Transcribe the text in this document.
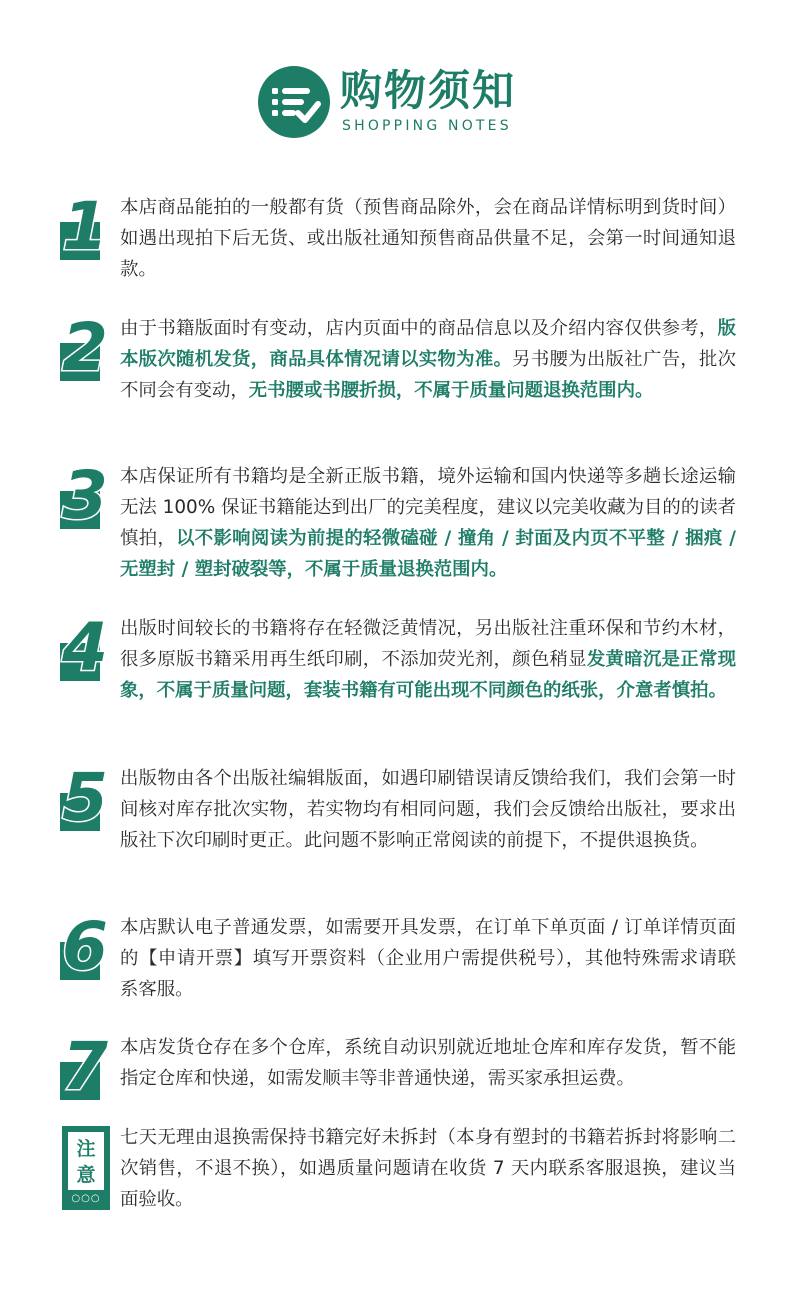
购物须知
SHOPPING NOTES
1 本店商品能拍的一般都有货（预售商品除外，会在商品详情标明到货时间）如遇出现拍下后无货、或出版社通知预售商品供量不足，会第一时间通知退款。
2 由于书籍版面时有变动，店内页面中的商品信息以及介绍内容仅供参考，版本版次随机发货，商品具体情况请以实物为准。另书腰为出版社广告，批次不同会有变动，无书腰或书腰折损，不属于质量问题退换范围内。
3 本店保证所有书籍均是全新正版书籍，境外运输和国内快递等多趟长途运输无法 100% 保证书籍能达到出厂的完美程度，建议以完美收藏为目的的读者慎拍，以不影响阅读为前提的轻微磕碰 / 撞角 / 封面及内页不平整 / 捆痕 / 无塑封 / 塑封破裂等，不属于质量退换范围内。
4 出版时间较长的书籍将存在轻微泛黄情况，另出版社注重环保和节约木材，很多原版书籍采用再生纸印刷，不添加荧光剂，颜色稍显发黄暗沉是正常现象，不属于质量问题，套装书籍有可能出现不同颜色的纸张，介意者慎拍。
5 出版物由各个出版社编辑版面，如遇印刷错误请反馈给我们，我们会第一时间核对库存批次实物，若实物均有相同问题，我们会反馈给出版社，要求出版社下次印刷时更正。此问题不影响正常阅读的前提下，不提供退换货。
6 本店默认电子普通发票，如需要开具发票，在订单下单页面 / 订单详情页面的【申请开票】填写开票资料（企业用户需提供税号），其他特殊需求请联系客服。
7 本店发货仓存在多个仓库，系统自动识别就近地址仓库和库存发货，暂不能指定仓库和快递，如需发顺丰等非普通快递，需买家承担运费。
注
意
○○○
七天无理由退换需保持书籍完好未拆封（本身有塑封的书籍若拆封将影响二次销售，不退不换），如遇质量问题请在收货 7 天内联系客服退换，建议当面验收。
